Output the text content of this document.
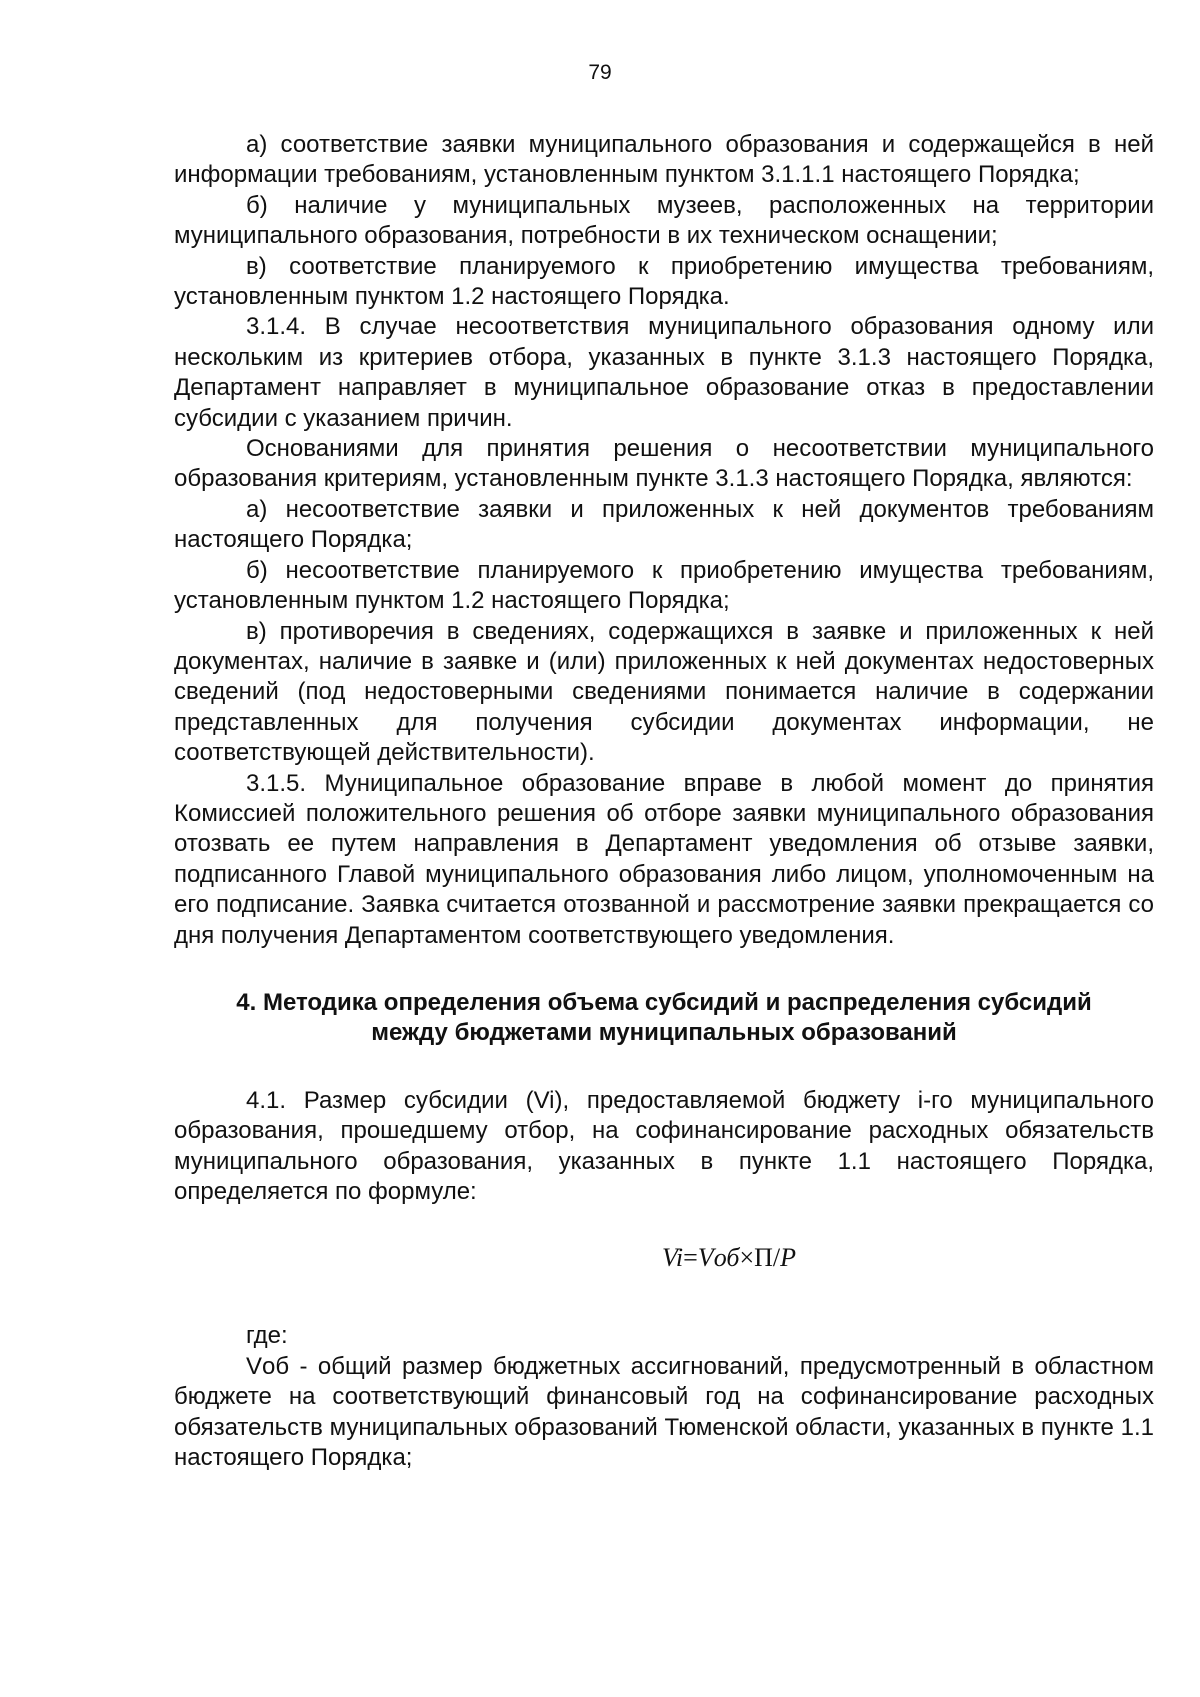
79

а) соответствие заявки муниципального образования и содержащейся в ней информации требованиям, установленным пунктом 3.1.1.1 настоящего Порядка;

б) наличие у муниципальных музеев, расположенных на территории муниципального образования, потребности в их техническом оснащении;

в) соответствие планируемого к приобретению имущества требованиям, установленным пунктом 1.2 настоящего Порядка.

3.1.4. В случае несоответствия муниципального образования одному или нескольким из критериев отбора, указанных в пункте 3.1.3 настоящего Порядка, Департамент направляет в муниципальное образование отказ в предоставлении субсидии с указанием причин.

Основаниями для принятия решения о несоответствии муниципального образования критериям, установленным пункте 3.1.3 настоящего Порядка, являются:

а) несоответствие заявки и приложенных к ней документов требованиям настоящего Порядка;

б) несоответствие планируемого к приобретению имущества требованиям, установленным пунктом 1.2 настоящего Порядка;

в) противоречия в сведениях, содержащихся в заявке и приложенных к ней документах, наличие в заявке и (или) приложенных к ней документах недостоверных сведений (под недостоверными сведениями понимается наличие в содержании представленных для получения субсидии документах информации, не соответствующей действительности).

3.1.5. Муниципальное образование вправе в любой момент до принятия Комиссией положительного решения об отборе заявки муниципального образования отозвать ее путем направления в Департамент уведомления об отзыве заявки, подписанного Главой муниципального образования либо лицом, уполномоченным на его подписание. Заявка считается отозванной и рассмотрение заявки прекращается со дня получения Департаментом соответствующего уведомления.

4. Методика определения объема субсидий и распределения субсидий
между бюджетами муниципальных образований

4.1. Размер субсидии (Vi), предоставляемой бюджету i-го муниципального образования, прошедшему отбор, на софинансирование расходных обязательств муниципального образования, указанных в пункте 1.1 настоящего Порядка, определяется по формуле:

Vi=Vоб×П/P

где:

Vоб - общий размер бюджетных ассигнований, предусмотренный в областном бюджете на соответствующий финансовый год на софинансирование расходных обязательств муниципальных образований Тюменской области, указанных в пункте 1.1 настоящего Порядка;
